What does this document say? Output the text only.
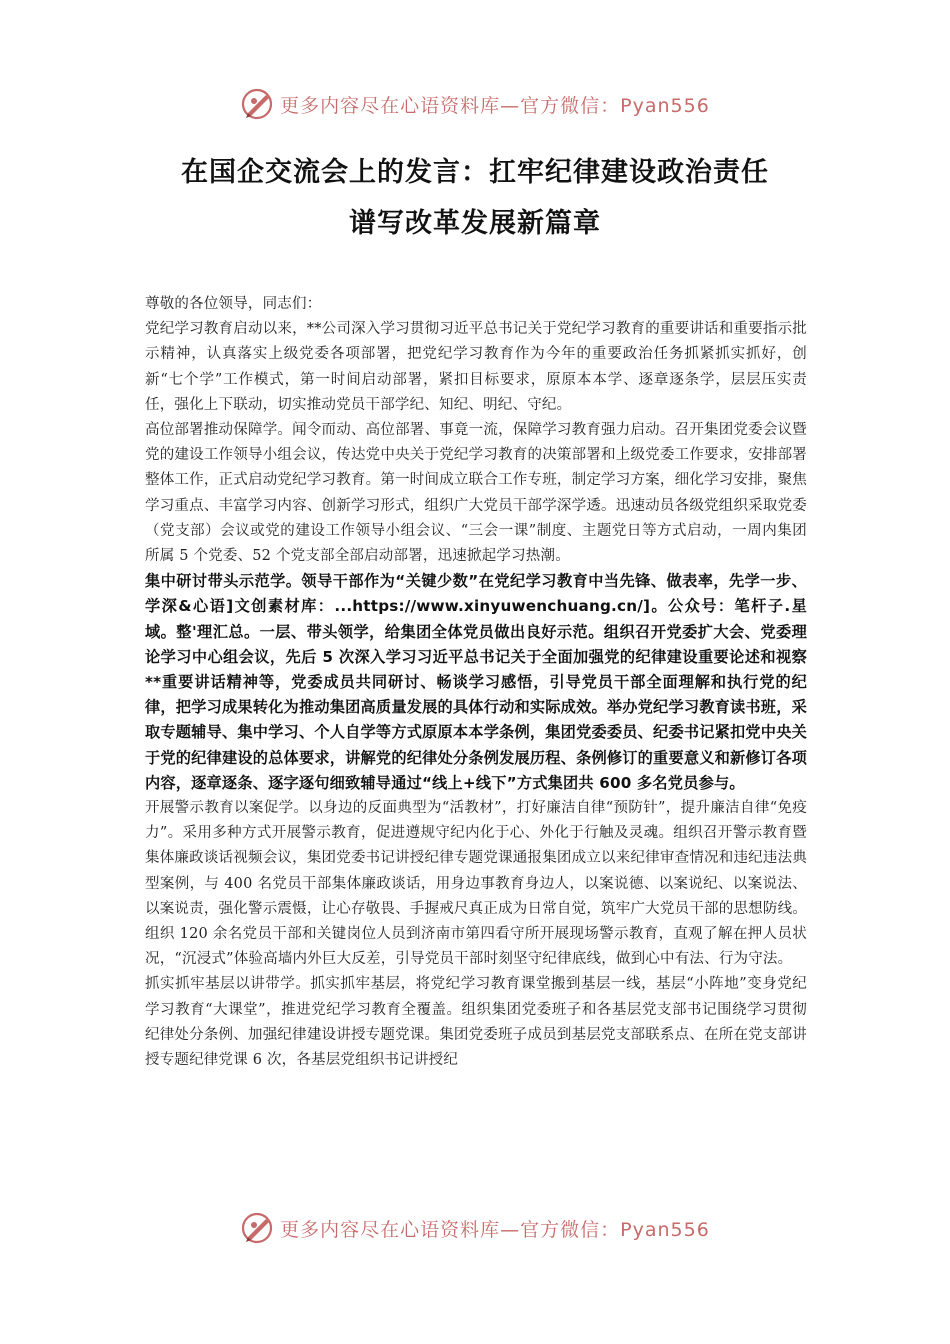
更多内容尽在心语资料库—官方微信：Pyan556
在国企交流会上的发言：扛牢纪律建设政治责任
谱写改革发展新篇章

尊敬的各位领导，同志们：

党纪学习教育启动以来，**公司深入学习贯彻习近平总书记关于党纪学习教育的重要讲话和重要指示批示精神，认真落实上级党委各项部署，把党纪学习教育作为今年的重要政治任务抓紧抓实抓好，创新“七个学”工作模式，第一时间启动部署，紧扣目标要求，原原本本学、逐章逐条学，层层压实责任，强化上下联动，切实推动党员干部学纪、知纪、明纪、守纪。

高位部署推动保障学。闻令而动、高位部署、事竟一流，保障学习教育强力启动。召开集团党委会议暨党的建设工作领导小组会议，传达党中央关于党纪学习教育的决策部署和上级党委工作要求，安排部署整体工作，正式启动党纪学习教育。第一时间成立联合工作专班，制定学习方案，细化学习安排，聚焦学习重点、丰富学习内容、创新学习形式，组织广大党员干部学深学透。迅速动员各级党组织采取党委（党支部）会议或党的建设工作领导小组会议、“三会一课”制度、主题党日等方式启动，一周内集团所属 5 个党委、52 个党支部全部启动部署，迅速掀起学习热潮。

集中研讨带头示范学。领导干部作为“关键少数”在党纪学习教育中当先锋、做表率，先学一步、学深&心语]文创素材库：...https://www.xinyuwenchuang.cn/]。公众号：笔杆子.星域。整'理汇总。一层、带头领学，给集团全体党员做出良好示范。组织召开党委扩大会、党委理论学习中心组会议，先后 5 次深入学习习近平总书记关于全面加强党的纪律建设重要论述和视察**重要讲话精神等，党委成员共同研讨、畅谈学习感悟，引导党员干部全面理解和执行党的纪律，把学习成果转化为推动集团高质量发展的具体行动和实际成效。举办党纪学习教育读书班，采取专题辅导、集中学习、个人自学等方式原原本本学条例，集团党委委员、纪委书记紧扣党中央关于党的纪律建设的总体要求，讲解党的纪律处分条例发展历程、条例修订的重要意义和新修订各项内容，逐章逐条、逐字逐句细致辅导通过“线上+线下”方式集团共 600 多名党员参与。

开展警示教育以案促学。以身边的反面典型为“活教材”，打好廉洁自律“预防针”，提升廉洁自律“免疫力”。采用多种方式开展警示教育，促进遵规守纪内化于心、外化于行触及灵魂。组织召开警示教育暨集体廉政谈话视频会议，集团党委书记讲授纪律专题党课通报集团成立以来纪律审查情况和违纪违法典型案例，与 400 名党员干部集体廉政谈话，用身边事教育身边人，以案说德、以案说纪、以案说法、以案说责，强化警示震慑，让心存敬畏、手握戒尺真正成为日常自觉，筑牢广大党员干部的思想防线。组织 120 余名党员干部和关键岗位人员到济南市第四看守所开展现场警示教育，直观了解在押人员状况，“沉浸式”体验高墙内外巨大反差，引导党员干部时刻坚守纪律底线，做到心中有法、行为守法。

抓实抓牢基层以讲带学。抓实抓牢基层，将党纪学习教育课堂搬到基层一线，基层“小阵地”变身党纪学习教育“大课堂”，推进党纪学习教育全覆盖。组织集团党委班子和各基层党支部书记围绕学习贯彻纪律处分条例、加强纪律建设讲授专题党课。集团党委班子成员到基层党支部联系点、在所在党支部讲授专题纪律党课 6 次，各基层党组织书记讲授纪

更多内容尽在心语资料库—官方微信：Pyan556
